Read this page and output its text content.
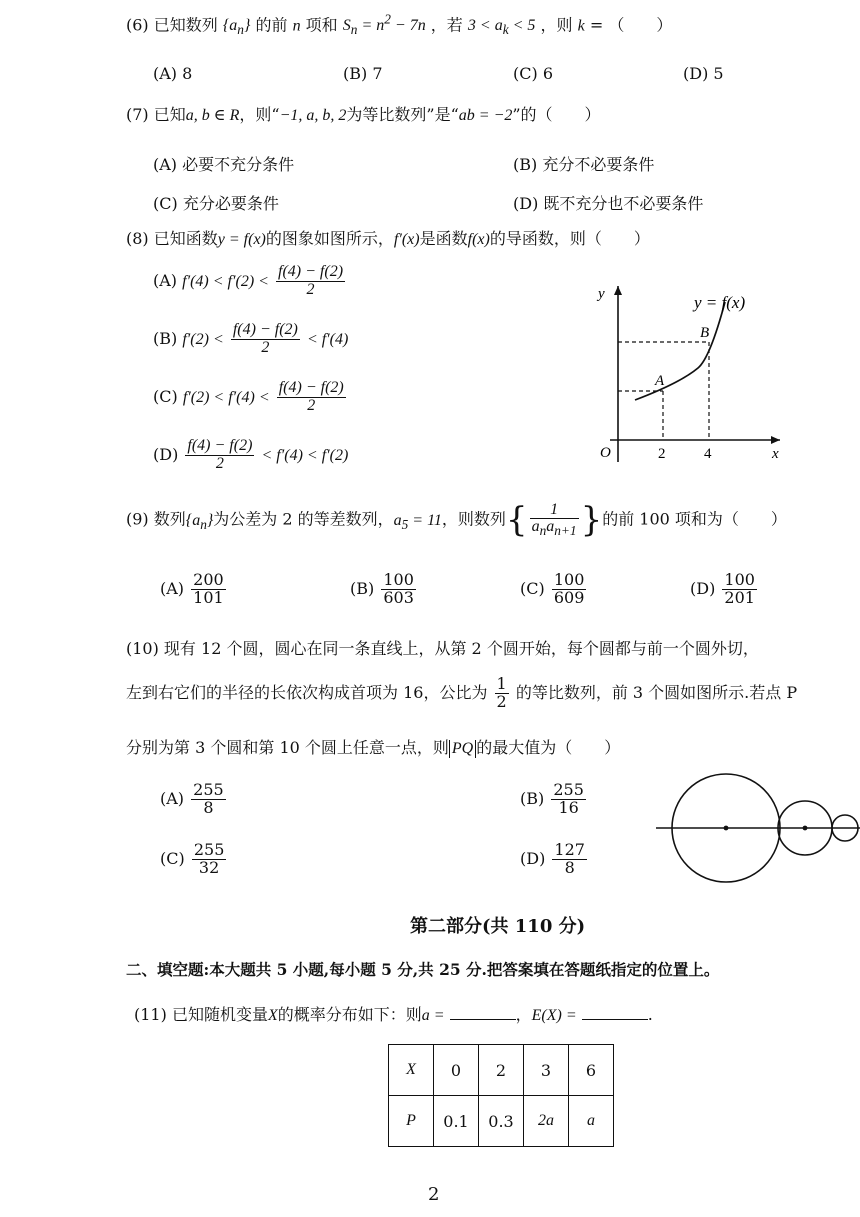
(6) 已知数列 $\{a_n\}$ 的前 n 项和 $S_n = n^2 - 7n$ ，若 $3 < a_k < 5$ ，则 k = （　　）
(A) 8	(B) 7	(C) 6	(D) 5
(7) 已知a, b ∈ R，则“−1, a, b, 2为等比数列”是“ab = −2”的（　　）
(A) 必要不充分条件	(B) 充分不必要条件
(C) 充分必要条件	(D) 既不充分也不必要条件
(8) 已知函数y = f(x)的图象如图所示，f′(x)是函数f(x)的导函数，则（　　）
(A) $f'(4) < f'(2) < \frac{f(4) - f(2)}{2}$
(B) $f'(2) < \frac{f(4) - f(2)}{2} < f'(4)$
(C) $f'(2) < f'(4) < \frac{f(4) - f(2)}{2}$
$(D) \frac{f(4) - f(2)}{2} < f'(4) < f'(2)$
y
x
O	2	4
A
B
y = f(x)
(9) 数列$\{a_n\}$为公差为 2 的等差数列，$a_5 = 11$，则数列{ $\frac{1}{a_na_{n+1}}$ }的前 100 项和为（　　）
$(A) \frac{200}{101}$	$(B) \frac{100}{603}$	$(C) \frac{100}{609}$	$(D) \frac{100}{201}$
(10) 现有 12 个圆，圆心在同一条直线上，从第 2 个圆开始，每个圆都与前一个圆外切，
左到右它们的半径的长依次构成首项为 16，公比为 $\frac{1}{2}$ 的等比数列，前 3 个圆如图所示.若点 P
分别为第 3 个圆和第 10 个圆上任意一点，则 PQ 的最大值为（　　）
$(A) \frac{255}{8}$	$(B) \frac{255}{16}$
$(C) \frac{255}{32}$	$(D) \frac{127}{8}$
第二部分(共 110 分)
二、填空题:本大题共 5 小题,每小题 5 分,共 25 分.把答案填在答题纸指定的位置上。
(11) 已知随机变量X的概率分布如下：则a =	，E(X) =	.
X	0	2	3	6
P	0.1	0.3	2a	a
2
